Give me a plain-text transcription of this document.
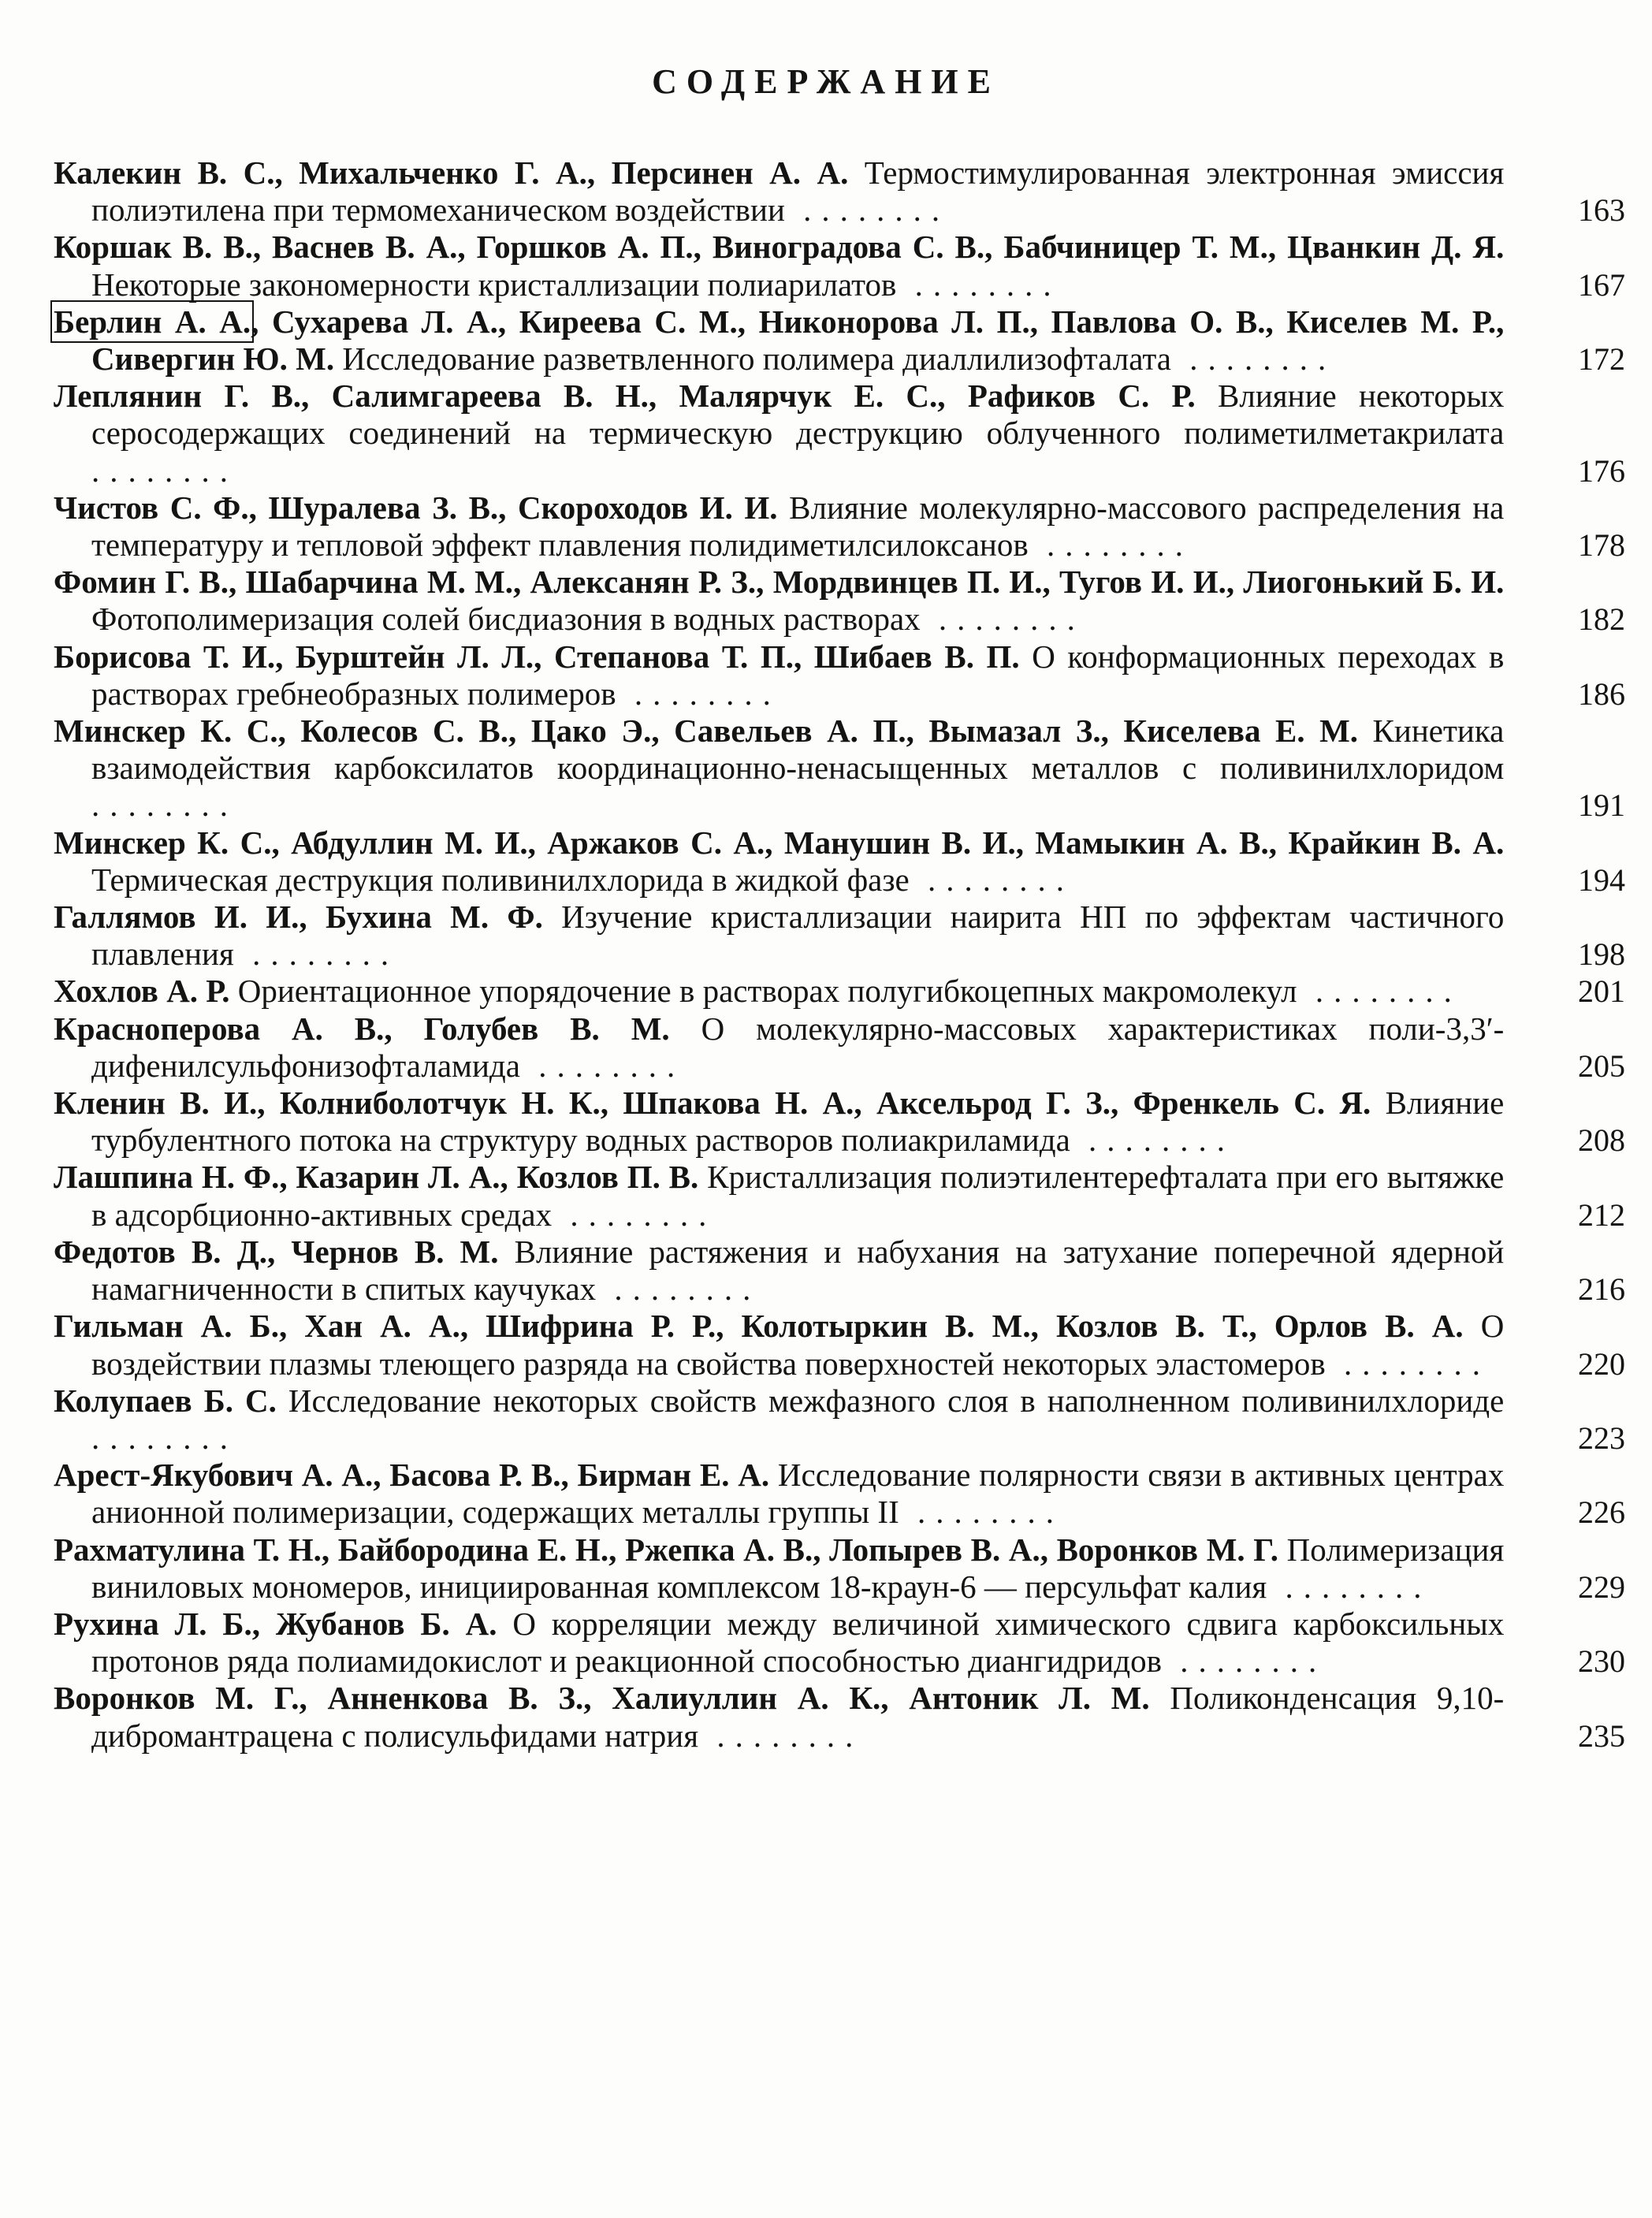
СОДЕРЖАНИЕ
Калекин В. С., Михальченко Г. А., Персинен А. А. Термостимулированная электронная эмиссия полиэтилена при термомеханическом воздействии ........	163
Коршак В. В., Васнев В. А., Горшков А. П., Виноградова С. В., Бабчиницер Т. М., Цванкин Д. Я. Некоторые закономерности кристаллизации полиарилатов ........	167
Берлин А. А., Сухарева Л. А., Киреева С. М., Никонорова Л. П., Павлова О. В., Киселев М. Р., Сивергин Ю. М. Исследование разветвленного полимера диаллилизофталата ........	172
Леплянин Г. В., Салимгареева В. Н., Малярчук Е. С., Рафиков С. Р. Влияние некоторых серосодержащих соединений на термическую деструкцию облученного полиметилметакрилата ........	176
Чистов С. Ф., Шуралева З. В., Скороходов И. И. Влияние молекулярно-массового распределения на температуру и тепловой эффект плавления полидиметилсилоксанов ........	178
Фомин Г. В., Шабарчина М. М., Алексанян Р. З., Мордвинцев П. И., Тугов И. И., Лиогонький Б. И. Фотополимеризация солей бисдиазония в водных растворах ........	182
Борисова Т. И., Бурштейн Л. Л., Степанова Т. П., Шибаев В. П. О конформационных переходах в растворах гребнеобразных полимеров ........	186
Минскер К. С., Колесов С. В., Цако Э., Савельев А. П., Вымазал З., Киселева Е. М. Кинетика взаимодействия карбоксилатов координационно-ненасыщенных металлов с поливинилхлоридом ........	191
Минскер К. С., Абдуллин М. И., Аржаков С. А., Манушин В. И., Мамыкин А. В., Крайкин В. А. Термическая деструкция поливинилхлорида в жидкой фазе ........	194
Галлямов И. И., Бухина М. Ф. Изучение кристаллизации наирита НП по эффектам частичного плавления ........	198
Хохлов А. Р. Ориентационное упорядочение в растворах полугибкоцепных макромолекул ........	201
Красноперова А. В., Голубев В. М. О молекулярно-массовых характеристиках поли-3,3′-дифенилсульфонизофталамида ........	205
Кленин В. И., Колниболотчук Н. К., Шпакова Н. А., Аксельрод Г. З., Френкель С. Я. Влияние турбулентного потока на структуру водных растворов полиакриламида ........	208
Лашпина Н. Ф., Казарин Л. А., Козлов П. В. Кристаллизация полиэтилентерефталата при его вытяжке в адсорбционно-активных средах ........	212
Федотов В. Д., Чернов В. М. Влияние растяжения и набухания на затухание поперечной ядерной намагниченности в спитых каучуках ........	216
Гильман А. Б., Хан А. А., Шифрина Р. Р., Колотыркин В. М., Козлов В. Т., Орлов В. А. О воздействии плазмы тлеющего разряда на свойства поверхностей некоторых эластомеров ........	220
Колупаев Б. С. Исследование некоторых свойств межфазного слоя в наполненном поливинилхлориде ........	223
Арест-Якубович А. А., Басова Р. В., Бирман Е. А. Исследование полярности связи в активных центрах анионной полимеризации, содержащих металлы группы II ........	226
Рахматулина Т. Н., Байбородина Е. Н., Ржепка А. В., Лопырев В. А., Воронков М. Г. Полимеризация виниловых мономеров, инициированная комплексом 18-краун-6 — персульфат калия ........	229
Рухина Л. Б., Жубанов Б. А. О корреляции между величиной химического сдвига карбоксильных протонов ряда полиамидокислот и реакционной способностью диангидридов ........	230
Воронков М. Г., Анненкова В. З., Халиуллин А. К., Антоник Л. М. Поликонденсация 9,10-дибромантрацена с полисульфидами натрия ........	235
